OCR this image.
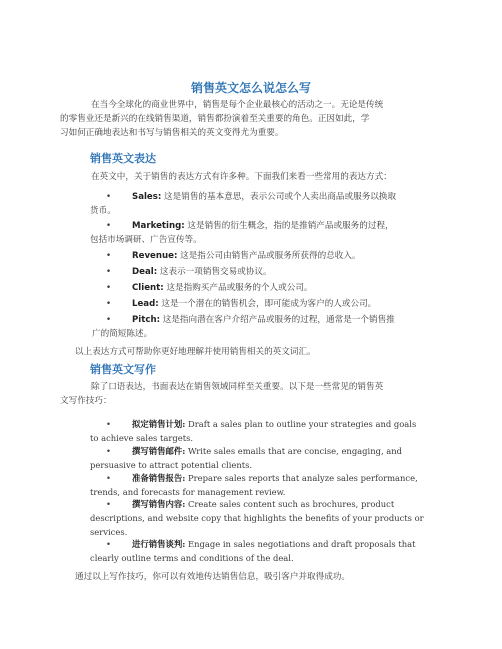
销售英文怎么说怎么写
在当今全球化的商业世界中，销售是每个企业最核心的活动之一。无论是传统
的零售业还是新兴的在线销售渠道，销售都扮演着至关重要的角色。正因如此，学
习如何正确地表达和书写与销售相关的英文变得尤为重要。
销售英文表达
在英文中，关于销售的表达方式有许多种。下面我们来看一些常用的表达方式：
•	Sales: 这是销售的基本意思，表示公司或个人卖出商品或服务以换取
货币。
•	Marketing: 这是销售的衍生概念，指的是推销产品或服务的过程，
包括市场调研、广告宣传等。
•	Revenue: 这是指公司由销售产品或服务所获得的总收入。
•	Deal: 这表示一项销售交易或协议。
•	Client: 这是指购买产品或服务的个人或公司。
•	Lead: 这是一个潜在的销售机会，即可能成为客户的人或公司。
•	Pitch: 这是指向潜在客户介绍产品或服务的过程，通常是一个销售推
广的简短陈述。
以上表达方式可帮助你更好地理解并使用销售相关的英文词汇。
销售英文写作
除了口语表达，书面表达在销售领域同样至关重要。以下是一些常见的销售英
文写作技巧：
•	拟定销售计划: Draft a sales plan to outline your strategies and goals
to achieve sales targets.
•	撰写销售邮件: Write sales emails that are concise, engaging, and
persuasive to attract potential clients.
•	准备销售报告: Prepare sales reports that analyze sales performance,
trends, and forecasts for management review.
•	撰写销售内容: Create sales content such as brochures, product
descriptions, and website copy that highlights the benefits of your products or services.
•	进行销售谈判: Engage in sales negotiations and draft proposals that
clearly outline terms and conditions of the deal.
通过以上写作技巧，你可以有效地传达销售信息，吸引客户并取得成功。
